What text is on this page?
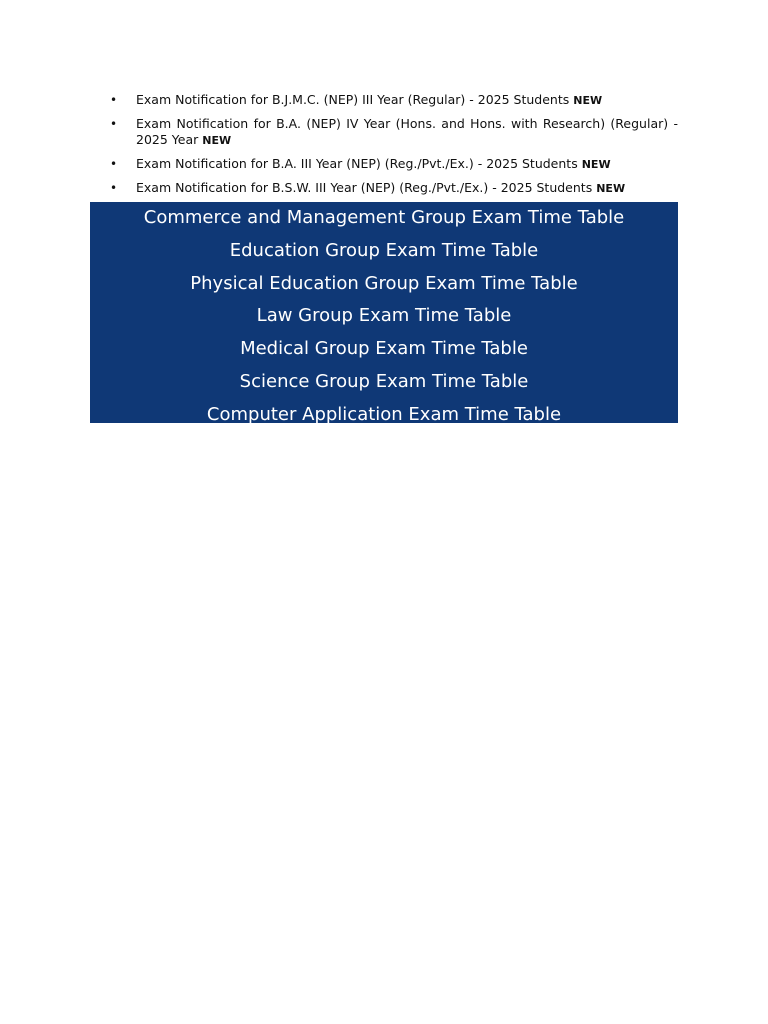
• Exam Notification for B.J.M.C. (NEP) III Year (Regular) - 2025 Students NEW
• Exam Notification for B.A. (NEP) IV Year (Hons. and Hons. with Research) (Regular) - 2025 Year NEW
• Exam Notification for B.A. III Year (NEP) (Reg./Pvt./Ex.) - 2025 Students NEW
• Exam Notification for B.S.W. III Year (NEP) (Reg./Pvt./Ex.) - 2025 Students NEW
Commerce and Management Group Exam Time Table
Education Group Exam Time Table
Physical Education Group Exam Time Table
Law Group Exam Time Table
Medical Group Exam Time Table
Science Group Exam Time Table
Computer Application Exam Time Table
